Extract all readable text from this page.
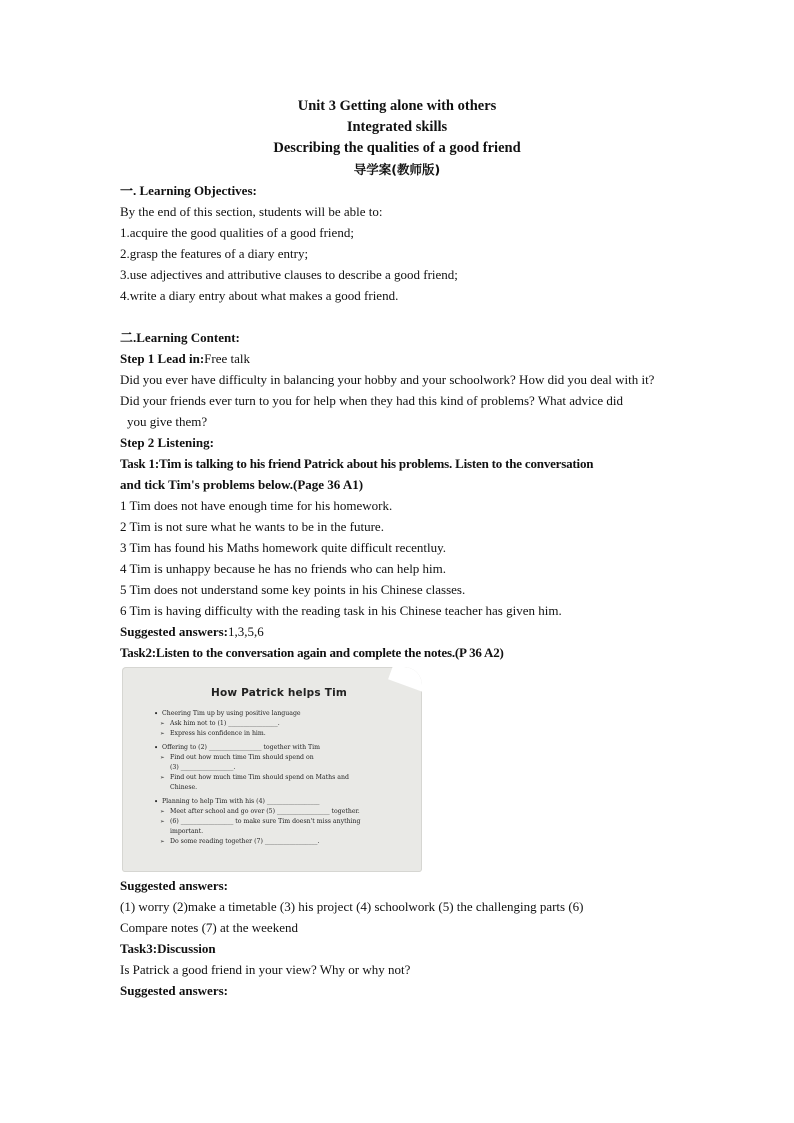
Unit 3 Getting alone with others
Integrated skills
Describing the qualities of a good friend
导学案(教师版)
一. Learning Objectives:
By the end of this section, students will be able to:
1.acquire the good qualities of a good friend;
2.grasp the features of a diary entry;
3.use adjectives and attributive clauses to describe a good friend;
4.write a diary entry about what makes a good friend.
二.Learning Content:
Step 1 Lead in:Free talk
Did you ever have difficulty in balancing your hobby and your schoolwork? How did you deal with it?
Did your friends ever turn to you for help when they had this kind of problems? What advice did
you give them?
Step 2 Listening:
Task 1:Tim is talking to his friend Patrick about his problems. Listen to the conversation
and tick Tim's problems below.(Page 36 A1)
1 Tim does not have enough time for his homework.
2 Tim is not sure what he wants to be in the future.
3 Tim has found his Maths homework quite difficult recentluy.
4 Tim is unhappy because he has no friends who can help him.
5 Tim does not understand some key points in his Chinese classes.
6 Tim is having difficulty with the reading task in his Chinese teacher has given him.
Suggested answers:1,3,5,6
Task2:Listen to the conversation again and complete the notes.(P 36 A2)
How Patrick helps Tim
• Cheering Tim up by using positive language
➢ Ask him not to (1) ________________.
➢ Express his confidence in him.
• Offering to (2) _________________ together with Tim
➢ Find out how much time Tim should spend on
(3) _________________.
➢ Find out how much time Tim should spend on Maths and
Chinese.
• Planning to help Tim with his (4) _________________
➢ Meet after school and go over (5) _________________ together.
➢ (6) _________________ to make sure Tim doesn't miss anything
important.
➢ Do some reading together (7) _________________.
Suggested answers:
(1) worry (2)make a timetable (3) his project (4) schoolwork (5) the challenging parts (6)
Compare notes (7) at the weekend
Task3:Discussion
Is Patrick a good friend in your view? Why or why not?
Suggested answers:
